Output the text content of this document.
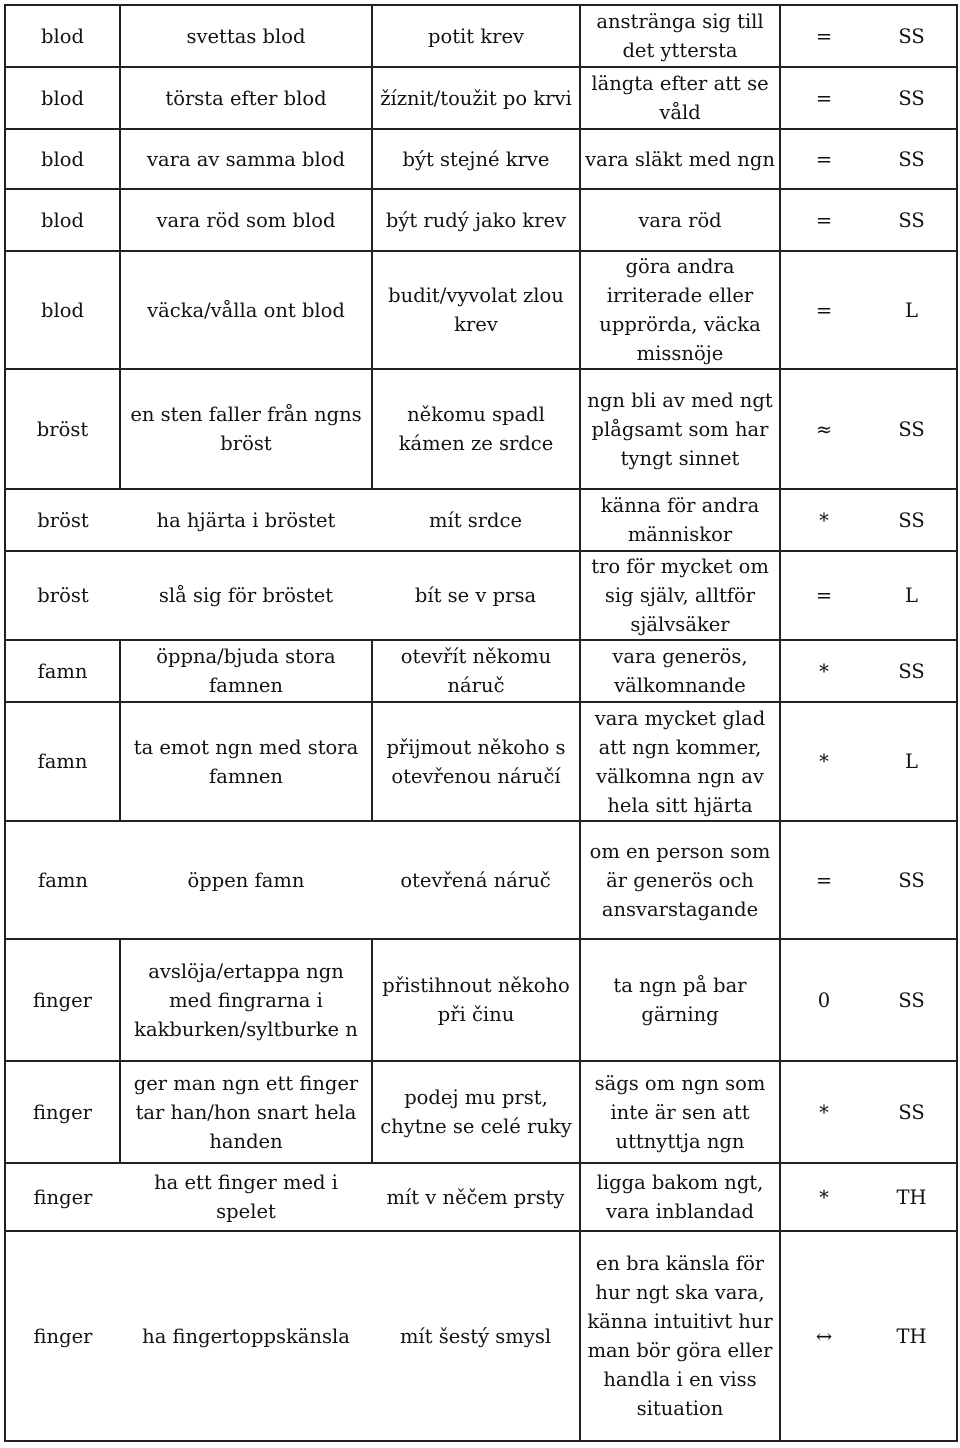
blod	svettas blod	potit krev	anstränga sig till det yttersta	=	SS
blod	törsta efter blod	žíznit/toužit po krvi	längta efter att se våld	=	SS
blod	vara av samma blod	být stejné krve	vara släkt med ngn	=	SS
blod	vara röd som blod	být rudý jako krev	vara röd	=	SS
blod	väcka/vålla ont blod	budit/vyvolat zlou krev	göra andra irriterade eller upprörda, väcka missnöje	=	L
bröst	en sten faller från ngns bröst	někomu spadl kámen ze srdce	ngn bli av med ngt plågsamt som har tyngt sinnet	≈	SS
bröst	ha hjärta i bröstet	mít srdce	känna för andra människor	*	SS
bröst	slå sig för bröstet	bít se v prsa	tro för mycket om sig själv, alltför självsäker	=	L
famn	öppna/bjuda stora famnen	otevřít někomu náruč	vara generös, välkomnande	*	SS
famn	ta emot ngn med stora famnen	přijmout někoho s otevřenou náručí	vara mycket glad att ngn kommer, välkomna ngn av hela sitt hjärta	*	L
famn	öppen famn	otevřená náruč	om en person som är generös och ansvarstagande	=	SS
finger	avslöja/ertappa ngn med fingrarna i kakburken/syltburke n	přistihnout někoho při činu	ta ngn på bar gärning	0	SS
finger	ger man ngn ett finger tar han/hon snart hela handen	podej mu prst, chytne se celé ruky	sägs om ngn som inte är sen att uttnyttja ngn	*	SS
finger	ha ett finger med i spelet	mít v něčem prsty	ligga bakom ngt, vara inblandad	*	TH
finger	ha fingertoppskänsla	mít šestý smysl	en bra känsla för hur ngt ska vara, känna intuitivt hur man bör göra eller handla i en viss situation	↔	TH
